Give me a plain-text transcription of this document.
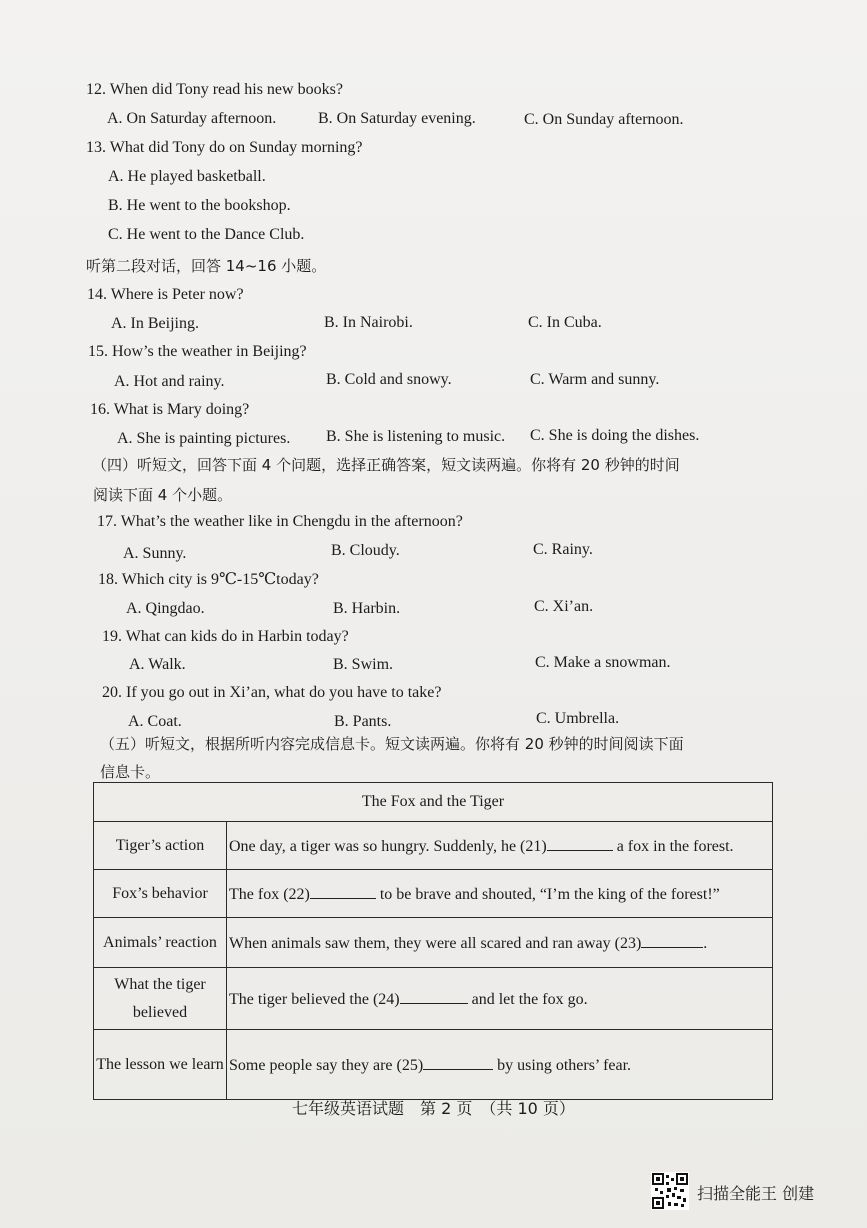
12. When did Tony read his new books?
A. On Saturday afternoon.	B. On Saturday evening.	C. On Sunday afternoon.
13. What did Tony do on Sunday morning?
A. He played basketball.
B. He went to the bookshop.
C. He went to the Dance Club.
听第二段对话，回答 14~16 小题。
14. Where is Peter now?
A. In Beijing.	B. In Nairobi.	C. In Cuba.
15. How’s the weather in Beijing?
A. Hot and rainy.	B. Cold and snowy.	C. Warm and sunny.
16. What is Mary doing?
A. She is painting pictures. B. She is listening to music. C. She is doing the dishes.
（四）听短文，回答下面 4 个问题，选择正确答案，短文读两遍。你将有 20 秒钟的时间
阅读下面 4 个小题。
17. What’s the weather like in Chengdu in the afternoon?
A. Sunny.	B. Cloudy.	C. Rainy.
18. Which city is 9℃-15℃today?
A. Qingdao.	B. Harbin.	C. Xi’an.
19. What can kids do in Harbin today?
A. Walk.	B. Swim.	C. Make a snowman.
20. If you go out in Xi’an, what do you have to take?
A. Coat.	B. Pants.	C. Umbrella.
（五）听短文，根据所听内容完成信息卡。短文读两遍。你将有 20 秒钟的时间阅读下面
信息卡。
The Fox and the Tiger	
Tiger’s action	One day, a tiger was so hungry. Suddenly, he (21) a fox in the forest.
Fox’s behavior	The fox (22) to be brave and shouted, “I’m the king of the forest!”
Animals’ reaction	When animals saw them, they were all scared and ran away (23) .
What the tiger believed	The tiger believed the (24) and let the fox go.
The lesson we learn	Some people say they are (25) by using others’ fear.
七年级英语试题　第 2 页　（共 10 页）
扫描全能王 创建
